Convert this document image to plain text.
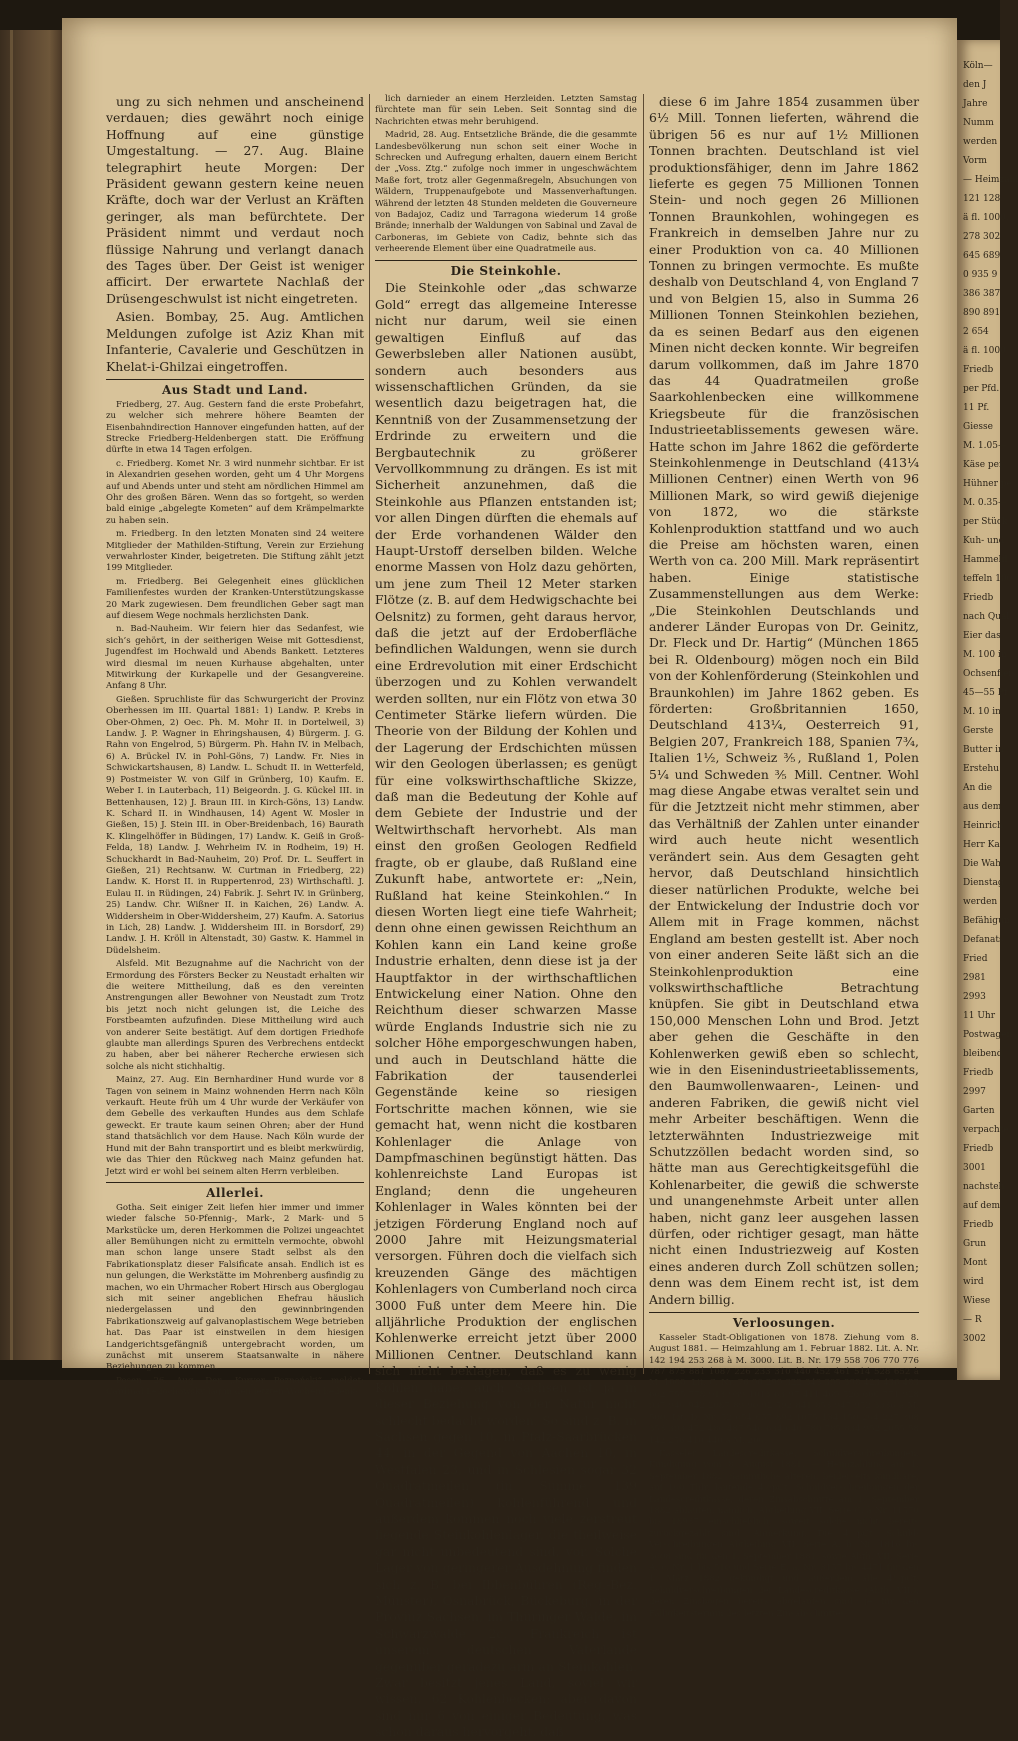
ung zu sich nehmen und anscheinend verdauen; dies gewährt noch einige Hoffnung auf eine günstige Umgestaltung. — 27. Aug. Blaine telegraphirt heute Morgen: Der Präsident gewann gestern keine neuen Kräfte, doch war der Verlust an Kräften geringer, als man befürchtete. Der Präsident nimmt und verdaut noch flüssige Nahrung und verlangt danach des Tages über. Der Geist ist weniger afficirt. Der erwartete Nachlaß der Drüsengeschwulst ist nicht eingetreten.

Asien. Bombay, 25. Aug. Amtlichen Meldungen zufolge ist Aziz Khan mit Infanterie, Cavalerie und Geschützen in Khelat-i-Ghilzai eingetroffen.

Aus Stadt und Land.

Friedberg, 27. Aug. Gestern fand die erste Probefahrt, zu welcher sich mehrere höhere Beamten der Eisenbahndirection Hannover eingefunden hatten, auf der Strecke Friedberg-Heldenbergen statt. Die Eröffnung dürfte in etwa 14 Tagen erfolgen.

c. Friedberg. Komet Nr. 3 wird nunmehr sichtbar. Er ist in Alexandrien gesehen worden, geht um 4 Uhr Morgens auf und Abends unter und steht am nördlichen Himmel am Ohr des großen Bären. Wenn das so fortgeht, so werden bald einige „abgelegte Kometen“ auf dem Krämpelmarkte zu haben sein.

m. Friedberg. In den letzten Monaten sind 24 weitere Mitglieder der Mathilden-Stiftung, Verein zur Erziehung verwahrloster Kinder, beigetreten. Die Stiftung zählt jetzt 199 Mitglieder.

m. Friedberg. Bei Gelegenheit eines glücklichen Familienfestes wurden der Kranken-Unterstützungskasse 20 Mark zugewiesen. Dem freundlichen Geber sagt man auf diesem Wege nochmals herzlichsten Dank.

n. Bad-Nauheim. Wir feiern hier das Sedanfest, wie sich’s gehört, in der seitherigen Weise mit Gottesdienst, Jugendfest im Hochwald und Abends Bankett. Letzteres wird diesmal im neuen Kurhause abgehalten, unter Mitwirkung der Kurkapelle und der Gesangvereine. Anfang 8 Uhr.

Gießen. Spruchliste für das Schwurgericht der Provinz Oberhessen im III. Quartal 1881: 1) Landw. P. Krebs in Ober-Ohmen, 2) Oec. Ph. M. Mohr II. in Dortelweil, 3) Landw. J. P. Wagner in Ehringshausen, 4) Bürgerm. J. G. Rahn von Engelrod, 5) Bürgerm. Ph. Hahn IV. in Melbach, 6) A. Brückel IV. in Pohl-Göns, 7) Landw. Fr. Nies in Schwickartshausen, 8) Landw. L. Schudt II. in Wetterfeld, 9) Postmeister W. von Gilf in Grünberg, 10) Kaufm. E. Weber I. in Lauterbach, 11) Beigeordn. J. G. Kückel III. in Bettenhausen, 12) J. Braun III. in Kirch-Göns, 13) Landw. K. Schard II. in Windhausen, 14) Agent W. Mosler in Gießen, 15) J. Stein III. in Ober-Breidenbach, 16) Baurath K. Klingelhöffer in Büdingen, 17) Landw. K. Geiß in Groß-Felda, 18) Landw. J. Wehrheim IV. in Rodheim, 19) H. Schuckhardt in Bad-Nauheim, 20) Prof. Dr. L. Seuffert in Gießen, 21) Rechtsanw. W. Curtman in Friedberg, 22) Landw. K. Horst II. in Ruppertenrod, 23) Wirthschaftl. J. Eulau II. in Rüdingen, 24) Fabrik. J. Sehrt IV. in Grünberg, 25) Landw. Chr. Wißner II. in Kaichen, 26) Landw. A. Widdersheim in Ober-Widdersheim, 27) Kaufm. A. Satorius in Lich, 28) Landw. J. Widdersheim III. in Borsdorf, 29) Landw. J. H. Kröll in Altenstadt, 30) Gastw. K. Hammel in Düdelsheim.

Alsfeld. Mit Bezugnahme auf die Nachricht von der Ermordung des Försters Becker zu Neustadt erhalten wir die weitere Mittheilung, daß es den vereinten Anstrengungen aller Bewohner von Neustadt zum Trotz bis jetzt noch nicht gelungen ist, die Leiche des Forstbeamten aufzufinden. Diese Mittheilung wird auch von anderer Seite bestätigt. Auf dem dortigen Friedhofe glaubte man allerdings Spuren des Verbrechens entdeckt zu haben, aber bei näherer Recherche erwiesen sich solche als nicht stichhaltig.

Mainz, 27. Aug. Ein Bernhardiner Hund wurde vor 8 Tagen von seinem in Mainz wohnenden Herrn nach Köln verkauft. Heute früh um 4 Uhr wurde der Verkäufer von dem Gebelle des verkauften Hundes aus dem Schlafe geweckt. Er traute kaum seinen Ohren; aber der Hund stand thatsächlich vor dem Hause. Nach Köln wurde der Hund mit der Bahn transportirt und es bleibt merkwürdig, wie das Thier den Rückweg nach Mainz gefunden hat. Jetzt wird er wohl bei seinem alten Herrn verbleiben.

Allerlei.

Gotha. Seit einiger Zeit liefen hier immer und immer wieder falsche 50-Pfennig-, Mark-, 2 Mark- und 5 Markstücke um, deren Herkommen die Polizei ungeachtet aller Bemühungen nicht zu ermitteln vermochte, obwohl man schon lange unsere Stadt selbst als den Fabrikationsplatz dieser Falsificate ansah. Endlich ist es nun gelungen, die Werkstätte im Mohrenberg ausfindig zu machen, wo ein Uhrmacher Robert Hirsch aus Oberglogau sich mit seiner angeblichen Ehefrau häuslich niedergelassen und den gewinnbringenden Fabrikationszweig auf galvanoplastischem Wege betrieben hat. Das Paar ist einstweilen in dem hiesigen Landgerichtsgefängniß untergebracht worden, um zunächst mit unserem Staatsanwalte in nähere Beziehungen zu kommen.

Posen, 26. Aug. Der „Kuryer Poznański“ meldet: Cardinal Ledochowsky lag in den letzten Wochen bedenk-

lich darnieder an einem Herzleiden. Letzten Samstag fürchtete man für sein Leben. Seit Sonntag sind die Nachrichten etwas mehr beruhigend.

Madrid, 28. Aug. Entsetzliche Brände, die die gesammte Landesbevölkerung nun schon seit einer Woche in Schrecken und Aufregung erhalten, dauern einem Bericht der „Voss. Ztg.“ zufolge noch immer in ungeschwächtem Maße fort, trotz aller Gegenmaßregeln, Absuchungen von Wäldern, Truppenaufgebote und Massenverhaftungen. Während der letzten 48 Stunden meldeten die Gouverneure von Badajoz, Cadiz und Tarragona wiederum 14 große Brände; innerhalb der Waldungen von Sabinal und Zaval de Carboneras, im Gebiete von Cadiz, behnte sich das verheerende Element über eine Quadratmeile aus.

Die Steinkohle.

Die Steinkohle oder „das schwarze Gold“ erregt das allgemeine Interesse nicht nur darum, weil sie einen gewaltigen Einfluß auf das Gewerbsleben aller Nationen ausübt, sondern auch besonders aus wissenschaftlichen Gründen, da sie wesentlich dazu beigetragen hat, die Kenntniß von der Zusammensetzung der Erdrinde zu erweitern und die Bergbautechnik zu größerer Vervollkommnung zu drängen. Es ist mit Sicherheit anzunehmen, daß die Steinkohle aus Pflanzen entstanden ist; vor allen Dingen dürften die ehemals auf der Erde vorhandenen Wälder den Haupt-Urstoff derselben bilden. Welche enorme Massen von Holz dazu gehörten, um jene zum Theil 12 Meter starken Flötze (z. B. auf dem Hedwigschachte bei Oelsnitz) zu formen, geht daraus hervor, daß die jetzt auf der Erdoberfläche befindlichen Waldungen, wenn sie durch eine Erdrevolution mit einer Erdschicht überzogen und zu Kohlen verwandelt werden sollten, nur ein Flötz von etwa 30 Centimeter Stärke liefern würden. Die Theorie von der Bildung der Kohlen und der Lagerung der Erdschichten müssen wir den Geologen überlassen; es genügt für eine volkswirthschaftliche Skizze, daß man die Bedeutung der Kohle auf dem Gebiete der Industrie und der Weltwirthschaft hervorhebt. Als man einst den großen Geologen Redfield fragte, ob er glaube, daß Rußland eine Zukunft habe, antwortete er: „Nein, Rußland hat keine Steinkohlen.“ In diesen Worten liegt eine tiefe Wahrheit; denn ohne einen gewissen Reichthum an Kohlen kann ein Land keine große Industrie erhalten, denn diese ist ja der Hauptfaktor in der wirthschaftlichen Entwickelung einer Nation. Ohne den Reichthum dieser schwarzen Masse würde Englands Industrie sich nie zu solcher Höhe emporgeschwungen haben, und auch in Deutschland hätte die Fabrikation der tausenderlei Gegenstände keine so riesigen Fortschritte machen können, wie sie gemacht hat, wenn nicht die kostbaren Kohlenlager die Anlage von Dampfmaschinen begünstigt hätten. Das kohlenreichste Land Europas ist England; denn die ungeheuren Kohlenlager in Wales könnten bei der jetzigen Förderung England noch auf 2000 Jahre mit Heizungsmaterial versorgen. Führen doch die vielfach sich kreuzenden Gänge des mächtigen Kohlenlagers von Cumberland noch circa 3000 Fuß unter dem Meere hin. Die alljährliche Produktion der englischen Kohlenwerke erreicht jetzt über 2000 Millionen Centner. Deutschland kann sich nicht beklagen, daß es zu wenig Kohlen habe; auch Sachsen ist ja in dieser Beziehung von der Natur nicht schlecht bedacht worden. So sind z. B. in Sachsen gegen 10, in Pfalz-Saarbrücken 44, in der Gegend von Aachen 10, in Westfalen 23, und in Schlesien sogar 32 Quadratmeilen (in Summe 139 Quadratmeilen) kohlenführend und außerdem kommen noch viele zerstreut liegende Steinkohlenlager, die theilweise gar nicht unbedeutend sind, vor. Solche Lager von geringerer Ausdehnung finden sich z. B. bei Ibbenbühren (Reg.-Bez. Münster), Osnabrück, Bückeburg, in der Provinz Sachsen, im Thüringer Walde, im Schwarzwalde 2c. Frankreich ist unserem deutschen Vaterlande gegenüber geradezu arm an Steinkohlen. Zwar besitzt jenes Land, soviel wir wissen, 62 Kohlenbecken; aber davon sind nur 6 von einiger Bedeutung, was schon daraus hervorgeht, daß

diese 6 im Jahre 1854 zusammen über 6½ Mill. Tonnen lieferten, während die übrigen 56 es nur auf 1½ Millionen Tonnen brachten. Deutschland ist viel produktionsfähiger, denn im Jahre 1862 lieferte es gegen 75 Millionen Tonnen Stein- und noch gegen 26 Millionen Tonnen Braunkohlen, wohingegen es Frankreich in demselben Jahre nur zu einer Produktion von ca. 40 Millionen Tonnen zu bringen vermochte. Es mußte deshalb von Deutschland 4, von England 7 und von Belgien 15, also in Summa 26 Millionen Tonnen Steinkohlen beziehen, da es seinen Bedarf aus den eigenen Minen nicht decken konnte. Wir begreifen darum vollkommen, daß im Jahre 1870 das 44 Quadratmeilen große Saarkohlenbecken eine willkommene Kriegsbeute für die französischen Industrieetablissements gewesen wäre. Hatte schon im Jahre 1862 die geförderte Steinkohlenmenge in Deutschland (413¼ Millionen Centner) einen Werth von 96 Millionen Mark, so wird gewiß diejenige von 1872, wo die stärkste Kohlenproduktion stattfand und wo auch die Preise am höchsten waren, einen Werth von ca. 200 Mill. Mark repräsentirt haben. Einige statistische Zusammenstellungen aus dem Werke: „Die Steinkohlen Deutschlands und anderer Länder Europas von Dr. Geinitz, Dr. Fleck und Dr. Hartig“ (München 1865 bei R. Oldenbourg) mögen noch ein Bild von der Kohlenförderung (Steinkohlen und Braunkohlen) im Jahre 1862 geben. Es förderten: Großbritannien 1650, Deutschland 413¼, Oesterreich 91, Belgien 207, Frankreich 188, Spanien 7¾, Italien 1½, Schweiz ⅗, Rußland 1, Polen 5¼ und Schweden ⅗ Mill. Centner. Wohl mag diese Angabe etwas veraltet sein und für die Jetztzeit nicht mehr stimmen, aber das Verhältniß der Zahlen unter einander wird auch heute nicht wesentlich verändert sein. Aus dem Gesagten geht hervor, daß Deutschland hinsichtlich dieser natürlichen Produkte, welche bei der Entwickelung der Industrie doch vor Allem mit in Frage kommen, nächst England am besten gestellt ist. Aber noch von einer anderen Seite läßt sich an die Steinkohlenproduktion eine volkswirthschaftliche Betrachtung knüpfen. Sie gibt in Deutschland etwa 150,000 Menschen Lohn und Brod. Jetzt aber gehen die Geschäfte in den Kohlenwerken gewiß eben so schlecht, wie in den Eisenindustrieetablissements, den Baumwollenwaaren-, Leinen- und anderen Fabriken, die gewiß nicht viel mehr Arbeiter beschäftigen. Wenn die letzterwähnten Industriezweige mit Schutzzöllen bedacht worden sind, so hätte man aus Gerechtigkeitsgefühl die Kohlenarbeiter, die gewiß die schwerste und unangenehmste Arbeit unter allen haben, nicht ganz leer ausgehen lassen dürfen, oder richtiger gesagt, man hätte nicht einen Industriezweig auf Kosten eines anderen durch Zoll schützen sollen; denn was dem Einem recht ist, ist dem Andern billig.

Verloosungen.

Kasseler Stadt-Obligationen von 1878. Ziehung vom 8. August 1881. — Heimzahlung am 1. Februar 1882. Lit. A. Nr. 142 194 253 268 à M. 3000. Lit. B. Nr. 179 558 706 770 776 787 875 881 1087 226 233 310 440 452 461 514 528 652 à M. 1000. Lit. C. Nr. 76 90 299 322 343 395 398 423 436 483 662 755 778 913 939 1013 63 97 411 469 526 666 771 928 937 940 942 2087 89 90 92 592 841 853 947 952 3336 à M. 500. Lit. D. Nr. 52 654 657 892 1075 134 150 204 227 308 353 393 472 486 487 546 634 640 780 785 834 952 2055 58 142 256 410 440 à M. 200.

Kasseler Landescreditkasse, Schuldverschreibungen. Kündigung vom 8. August 1881. — Heimzahlung am 1. September 1882. Sämmtliche älteren, beiderseits kündbare, auf 100 Thlr. lautende 4½pCt. Schuldverschreibungen der Landescreditkasse, deren Zinsabschnitte am 1. September 1882 ablaufen, nämlich: Abtheilung VII. Serie C. à Nr. 11570 bis 18937 einschließlich, soweit solche nicht bereits zurückgezahlt sind. Anmerkung. Die 4½pCt. Schuld-Verschreibungen Abtheilung VII. Serie A. b. Nr. 1816 bis 3608 sind für den 1. September 1881, sowie Abth. VII. Serie A. c. Nr. 1 bis 510 und Serie E. a. Nr. 3157 bis 4471 für den 1. März 1882 gekündigt und außerdem alle 4½pCt. Schuldverschreibungen der Landescreditkasse (Abth. VII.), deren Zinsbogen bereits abgelaufen sind, je für den Fälligkeitstermin des letzten Zinsabschnittes.

Köln—
den J
Jahre
Numm
werden
Vorm
— Heimzahl
121 128
ä fl. 1000.
278 302
645 689
0 935 9
386 387
890 891
2 654
ä fl. 1000
Friedb
per Pfd.
11 Pf.
Giesse
M. 1.05—
Käse per
Hühner pe
M. 0.35—
per Stück
Kuh- und
Hammelfl
teffeln 100
Friedb
nach Qual
Eier das
M. 100 in
Ochsenfleis
45—55 Pf
M. 10 in
Gerste
Butter in
Erstehu
An die
aus dem
Heinrich
Herr Ka
Die Wah
Dienstag
werden
Befähigun
Defanats
Fried
2981
2993
11 Uhr
Postwagen
bleibend
Friedb
2997
Garten
verpachte
Friedb
3001
nachsteh
auf dem
Friedb
Grun
Mont
wird
Wiese
— R
3002
